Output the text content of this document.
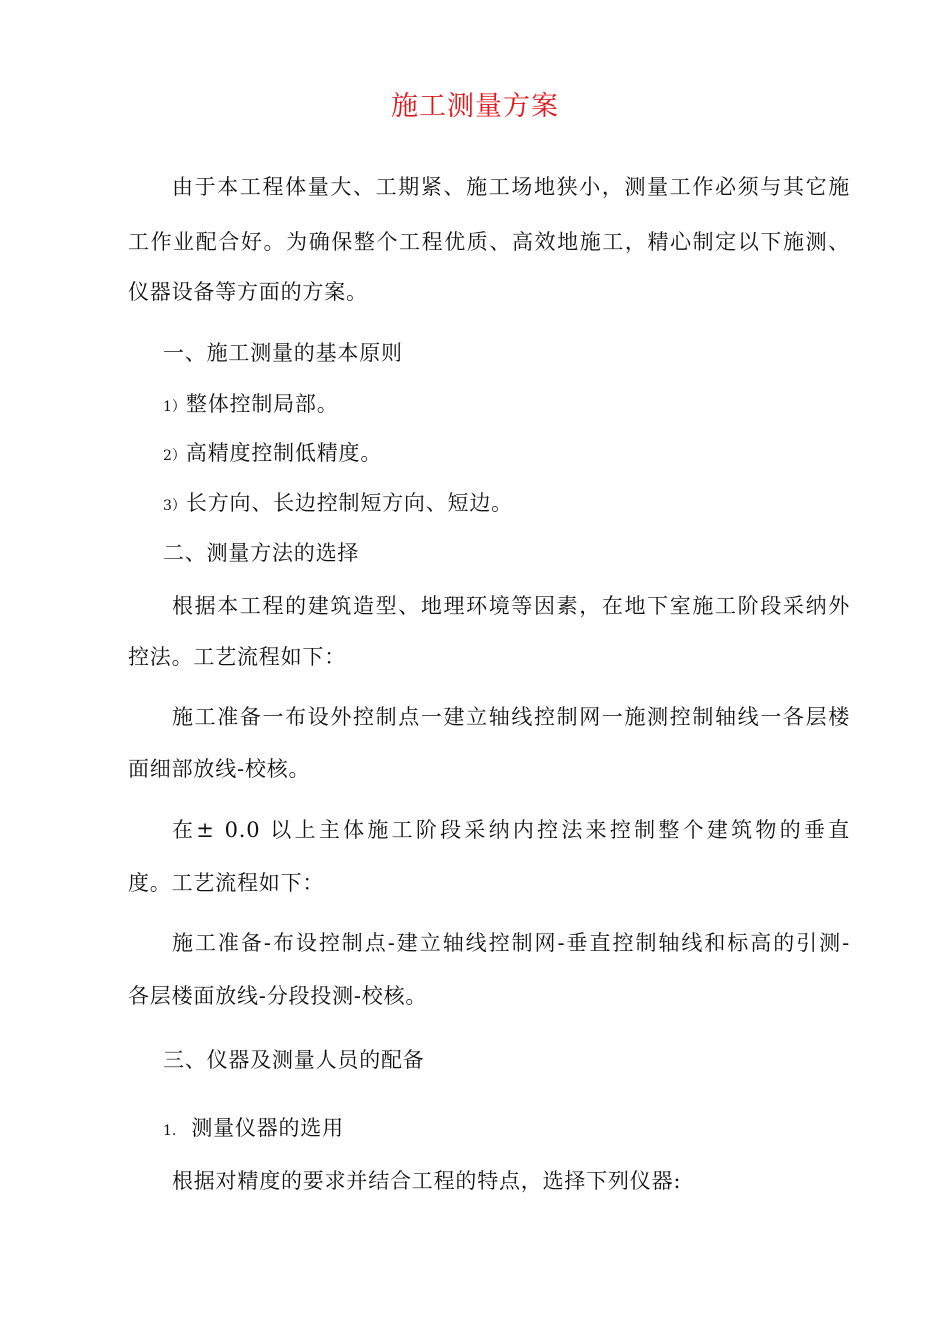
施工测量方案
由于本工程体量大、工期紧、施工场地狭小，测量工作必须与其它施
工作业配合好。为确保整个工程优质、高效地施工，精心制定以下施测、
仪器设备等方面的方案。
一、施工测量的基本原则
1）整体控制局部。
2）高精度控制低精度。
3）长方向、长边控制短方向、短边。
二、测量方法的选择
根据本工程的建筑造型、地理环境等因素，在地下室施工阶段采纳外
控法。工艺流程如下：
施工准备一布设外控制点一建立轴线控制网一施测控制轴线一各层楼
面细部放线-校核。
在± 0.0 以上主体施工阶段采纳内控法来控制整个建筑物的垂直
度。工艺流程如下：
施工准备-布设控制点-建立轴线控制网-垂直控制轴线和标高的引测-
各层楼面放线-分段投测-校核。
三、仪器及测量人员的配备
1. 测量仪器的选用
根据对精度的要求并结合工程的特点，选择下列仪器:
